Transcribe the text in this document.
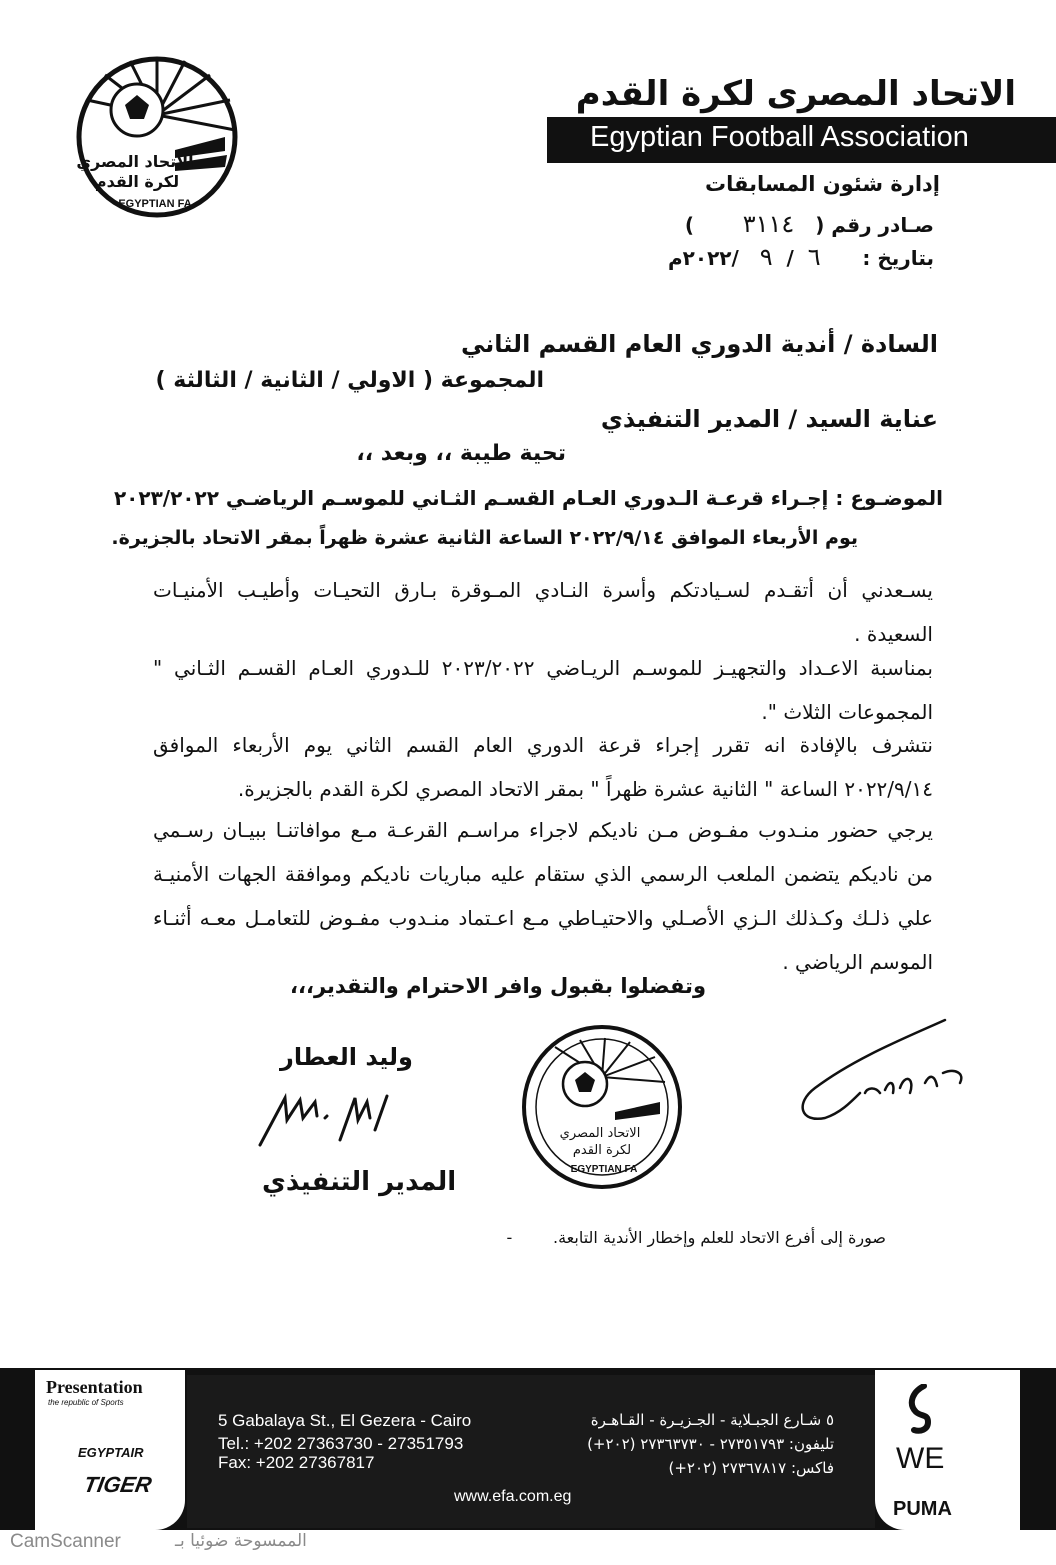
الاتحاد المصري
لكرة القدم
EGYPTIAN FA
الاتحاد المصرى لكرة القدم
Egyptian Football Association
إدارة شئون المسابقات
صـادر رقم (   ٣١١٤       )
بتاريخ :      ٦  /  ٩   /٢٠٢٢م
السادة / أندية الدوري العام القسم الثاني
المجموعة ( الاولي / الثانية / الثالثة )
عناية السيد / المدير التنفيذي
تحية طيبة ،، وبعد ،،
الموضـوع : إجـراء قرعـة الـدوري العـام القسـم الثـاني للموسـم الرياضـي ٢٠٢٣/٢٠٢٢
يوم الأربعاء الموافق ٢٠٢٢/٩/١٤ الساعة الثانية عشرة ظهراً بمقر الاتحاد بالجزيرة.
يسـعدني أن أتقـدم لسـيادتكم وأسرة النـادي المـوقرة بـارق التحيـات وأطيـب الأمنيـات السعيدة .
بمناسبة الاعـداد والتجهيـز للموسـم الريـاضي ٢٠٢٣/٢٠٢٢ للـدوري العـام القسـم الثـاني " المجموعات الثلاث ".
نتشرف بالإفادة انه تقرر إجراء قرعة الدوري العام القسم الثاني يوم الأربعاء الموافق ٢٠٢٢/٩/١٤ الساعة " الثانية عشرة ظهراً " بمقر الاتحاد المصري لكرة القدم بالجزيرة.
يرجي حضور منـدوب مفـوض مـن ناديكم لاجراء مراسـم القرعـة مـع موافاتنـا ببيـان رسـمي من ناديكم يتضمن الملعب الرسمي الذي ستقام عليه مباريات ناديكم وموافقة الجهات الأمنيـة علي ذلـك وكـذلك الـزي الأصـلي والاحتيـاطي مـع اعـتماد منـدوب مفـوض للتعامـل معـه أثنـاء الموسم الرياضي .
وتفضلوا بقبول وافر الاحترام والتقدير،،،
وليد العطار
المدير التنفيذي
الاتحاد المصري
لكرة القدم
EGYPTIAN FA
صورة إلى أفرع الاتحاد للعلم وإخطار الأندية التابعة.        -
5 Gabalaya St., El Gezera - Cairo
Tel.: +202 27363730 - 27351793
Fax: +202 27367817
٥ شـارع الجبـلاية - الجـزيـرة - القـاهـرة
تليفون: ٢٧٣٥١٧٩٣ - ٢٧٣٦٣٧٣٠ (٢٠٢+)
فاكس: ٢٧٣٦٧٨١٧ (٢٠٢+)
www.efa.com.eg
Presentation
the republic of Sports
EGYPTAIR
TIGER
WE
PUMA
CamScanner	الممسوحة ضوئيا بـ
